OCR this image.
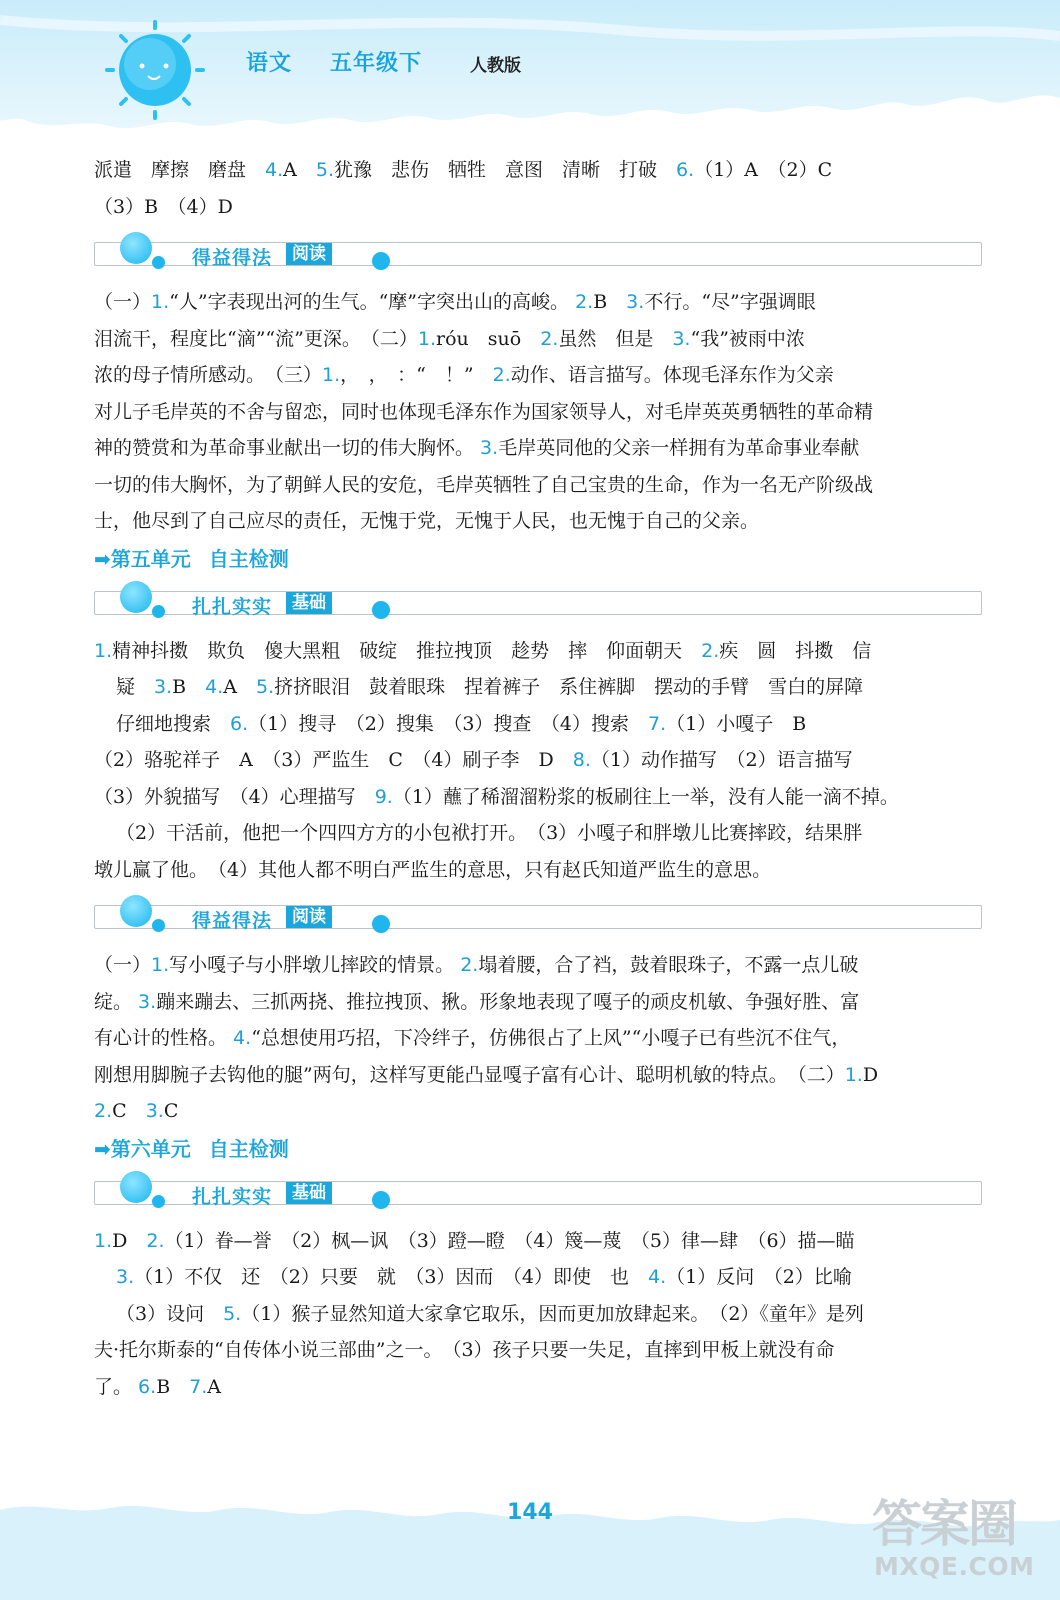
语文 五年级下	人教版

派遣　摩擦　磨盘　4.A　5.犹豫　悲伤　牺牲　意图　清晰　打破　6.（1）A　（2）C

（3）B　（4）D

得益得法	阅读

（一）1.“人”字表现出河的生气。“摩”字突出山的高峻。 2.B　3.不行。“尽”字强调眼

泪流干，程度比“滴”“流”更深。　（二）1.róu　suō　2.虽然　但是　3.“我”被雨中浓

浓的母子情所感动。　（三）1.，　，　：“　！”　2.动作、语言描写。体现毛泽东作为父亲

对儿子毛岸英的不舍与留恋，同时也体现毛泽东作为国家领导人，对毛岸英英勇牺牲的革命精

神的赞赏和为革命事业献出一切的伟大胸怀。 3.毛岸英同他的父亲一样拥有为革命事业奉献

一切的伟大胸怀，为了朝鲜人民的安危，毛岸英牺牲了自己宝贵的生命，作为一名无产阶级战

士，他尽到了自己应尽的责任，无愧于党，无愧于人民，也无愧于自己的父亲。

➡第五单元 自主检测
扎扎实实	基础

1.精神抖擞　欺负　傻大黑粗　破绽　推拉拽顶　趁势　摔　仰面朝天　2.疾　圆　抖擞　信

疑　3.B　4.A　5.挤挤眼泪　鼓着眼珠　捏着裤子　系住裤脚　摆动的手臂　雪白的屏障

仔细地搜索　6.（1）搜寻　（2）搜集　（3）搜查　（4）搜索　7.（1）小嘎子　B

（2）骆驼祥子　A　（3）严监生　C　（4）刷子李　D　8.（1）动作描写　（2）语言描写

（3）外貌描写　（4）心理描写　9.（1）蘸了稀溜溜粉浆的板刷往上一举，没有人能一滴不掉。

（2）干活前，他把一个四四方方的小包袱打开。　（3）小嘎子和胖墩儿比赛摔跤，结果胖

墩儿赢了他。　（4）其他人都不明白严监生的意思，只有赵氏知道严监生的意思。

得益得法	阅读

（一）1.写小嘎子与小胖墩儿摔跤的情景。 2.塌着腰，合了裆，鼓着眼珠子，不露一点儿破

绽。 3.蹦来蹦去、三抓两挠、推拉拽顶、揪。形象地表现了嘎子的顽皮机敏、争强好胜、富

有心计的性格。 4.“总想使用巧招，下冷绊子，仿佛很占了上风”“小嘎子已有些沉不住气，

刚想用脚腕子去钩他的腿”两句，这样写更能凸显嘎子富有心计、聪明机敏的特点。　（二）1.D

2.C　3.C

➡第六单元 自主检测
扎扎实实	基础

1.D　2.（1）眷—誉　（2）枫—讽　（3）蹬—瞪　（4）篾—蔑　（5）律—肆　（6）描—瞄

3.（1）不仅　还　（2）只要　就　（3）因而　（4）即使　也　4.（1）反问　（2）比喻

（3）设问　5.（1）猴子显然知道大家拿它取乐，因而更加放肆起来。　（2）《童年》是列

夫·托尔斯泰的“自传体小说三部曲”之一。　（3）孩子只要一失足，直摔到甲板上就没有命

了。 6.B　7.A

144	答案圈
MXQE.COM
